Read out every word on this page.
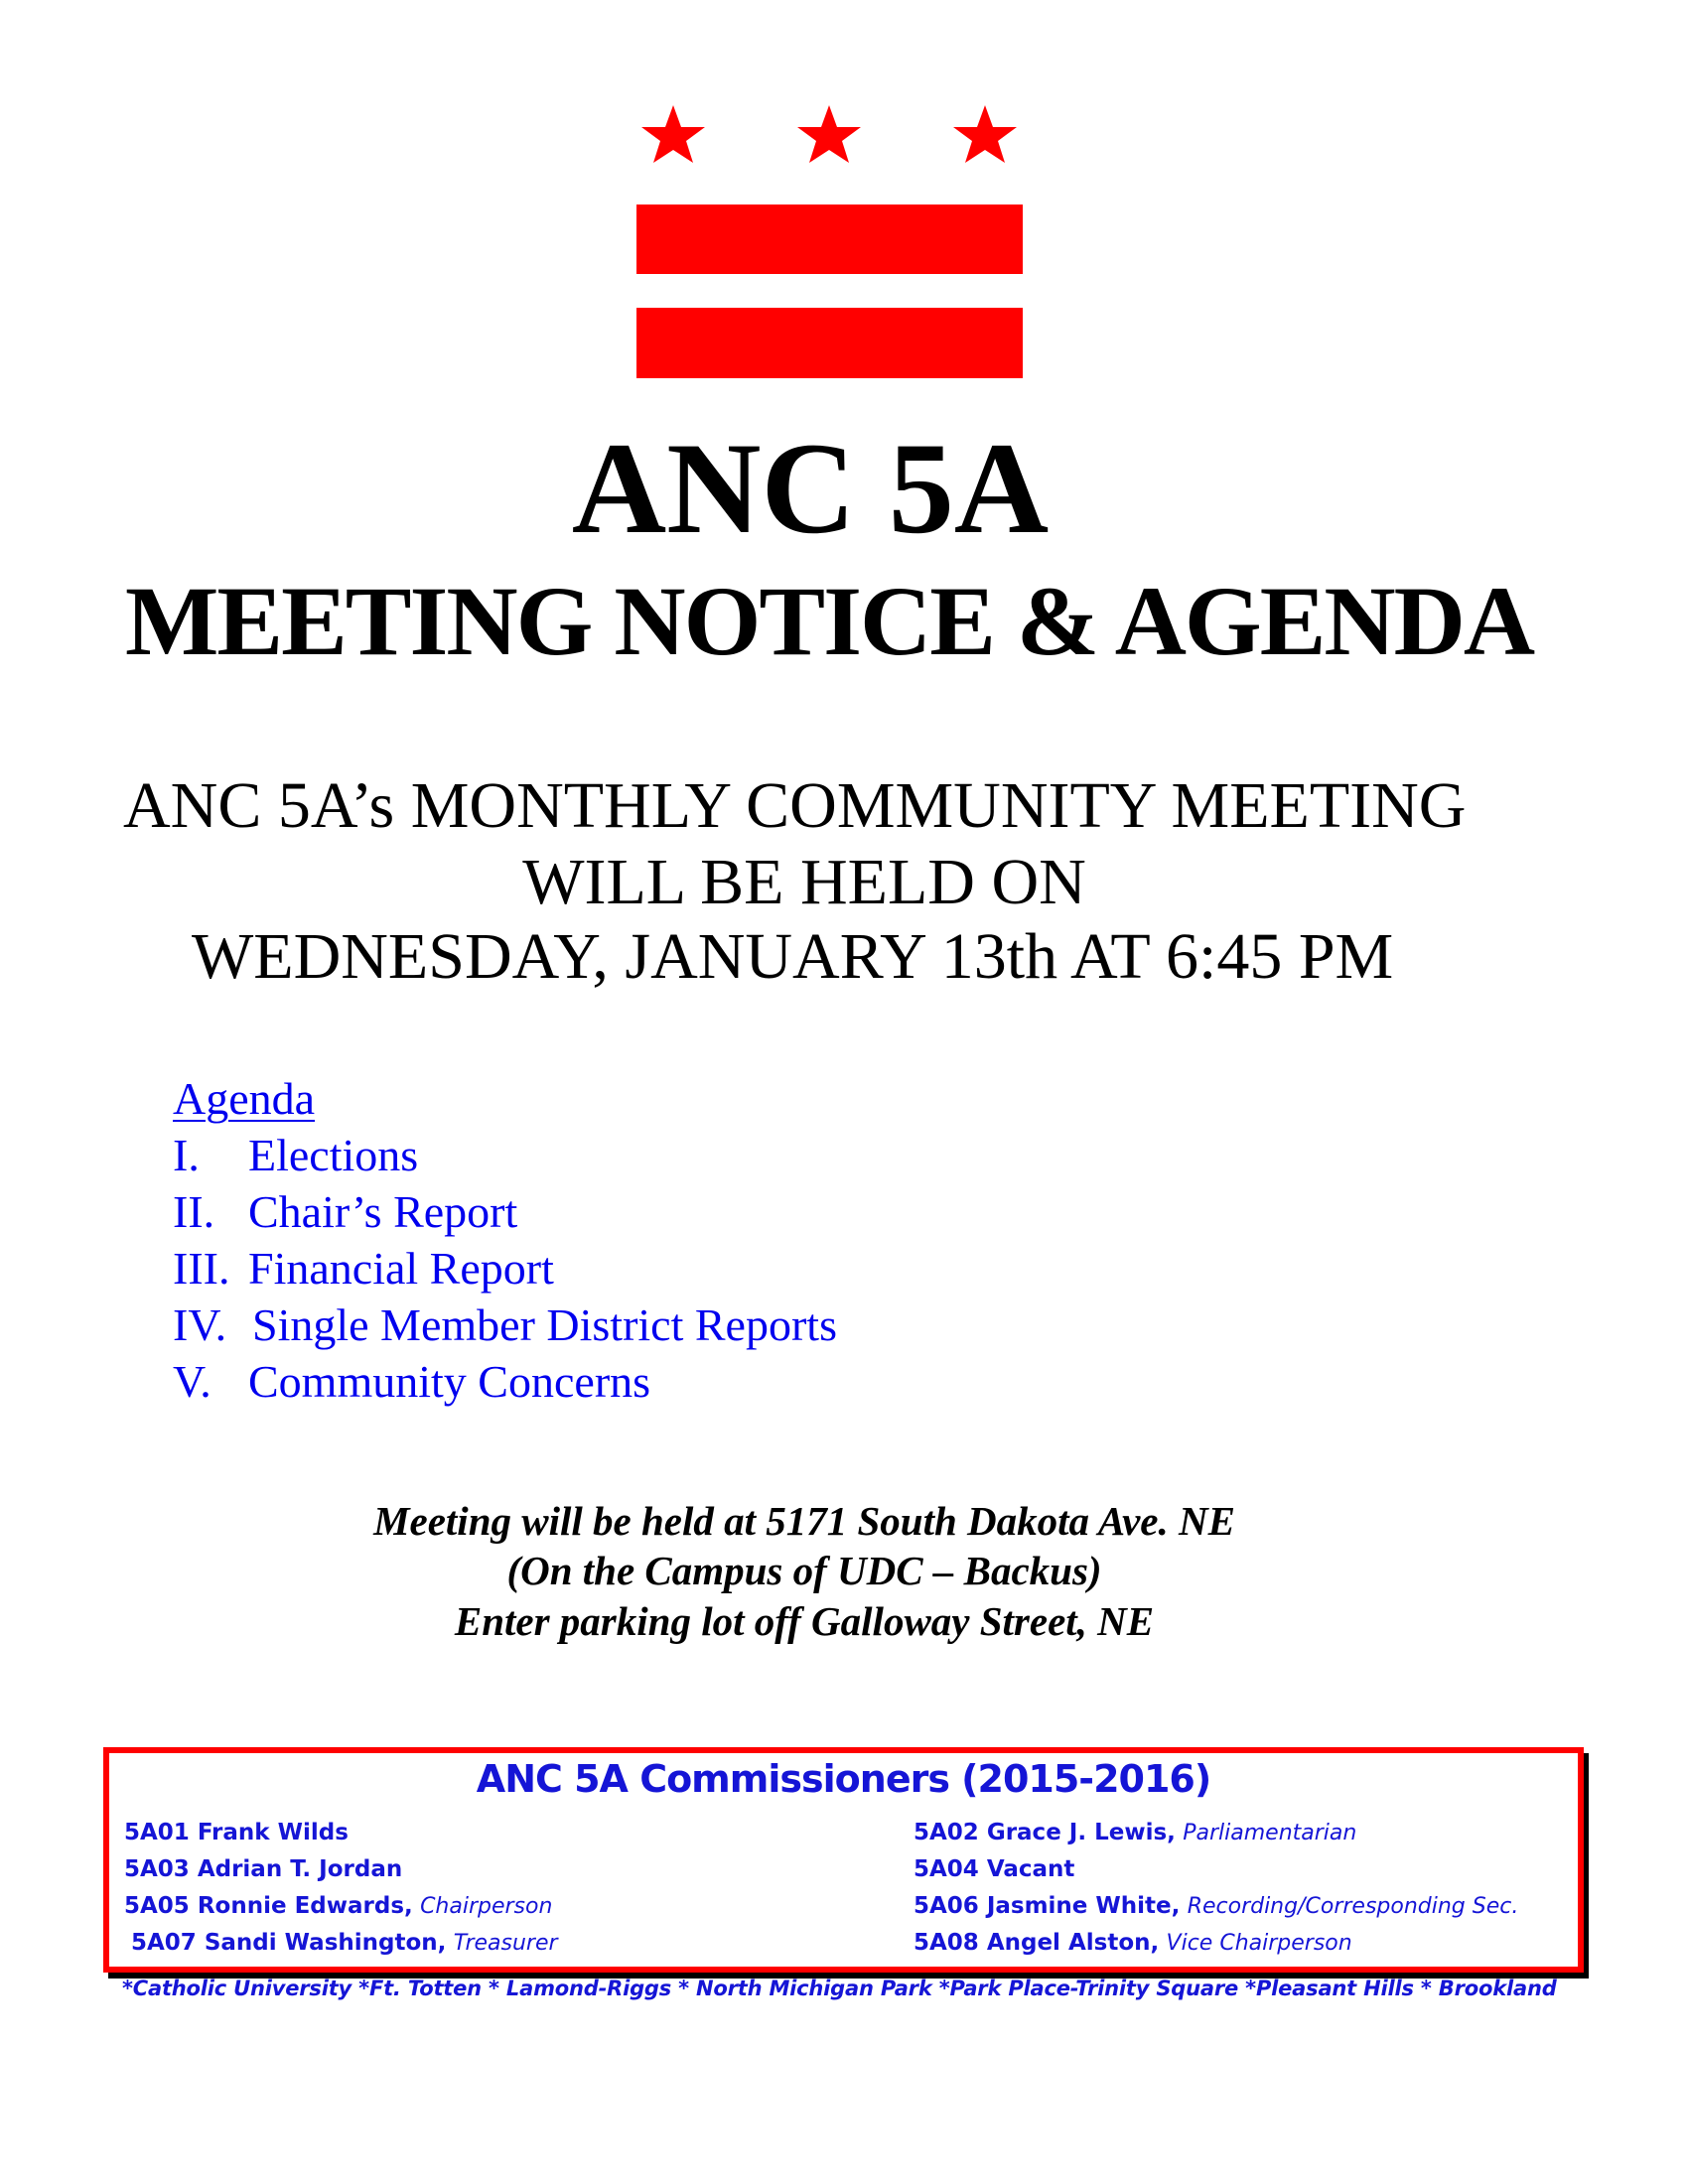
ANC 5A
MEETING NOTICE & AGENDA
ANC 5A’s MONTHLY COMMUNITY MEETING
WILL BE HELD ON
WEDNESDAY, JANUARY 13th AT 6:45 PM
Agenda
I. Elections
II. Chair’s Report
III. Financial Report
IV. Single Member District Reports
V. Community Concerns
Meeting will be held at 5171 South Dakota Ave. NE
(On the Campus of UDC – Backus)
Enter parking lot off Galloway Street, NE
ANC 5A Commissioners (2015-2016)
5A01 Frank Wilds
5A03 Adrian T. Jordan
5A05 Ronnie Edwards, Chairperson
5A07 Sandi Washington, Treasurer
5A02 Grace J. Lewis, Parliamentarian
5A04 Vacant
5A06 Jasmine White, Recording/Corresponding Sec.
5A08 Angel Alston, Vice Chairperson
*Catholic University *Ft. Totten * Lamond-Riggs * North Michigan Park *Park Place-Trinity Square *Pleasant Hills * Brookland
